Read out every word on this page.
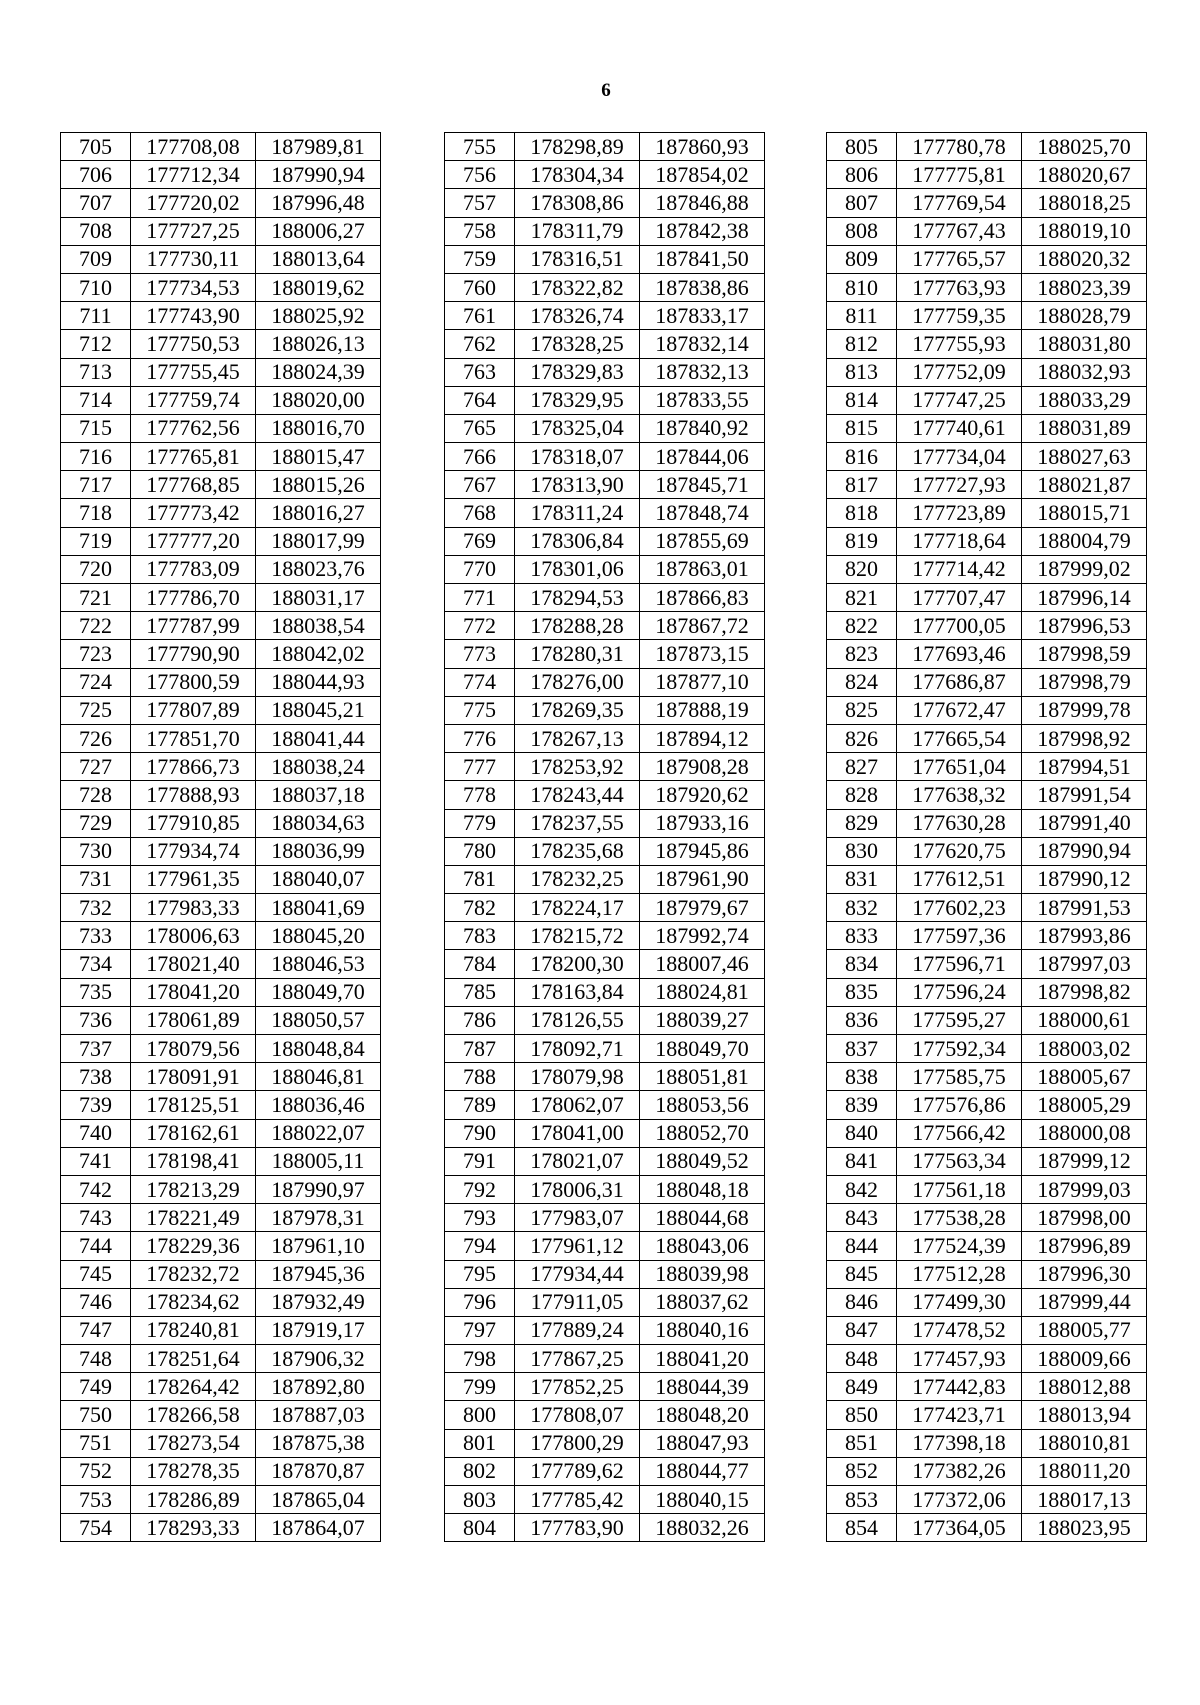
6
705	177708,08	187989,81
706	177712,34	187990,94
707	177720,02	187996,48
708	177727,25	188006,27
709	177730,11	188013,64
710	177734,53	188019,62
711	177743,90	188025,92
712	177750,53	188026,13
713	177755,45	188024,39
714	177759,74	188020,00
715	177762,56	188016,70
716	177765,81	188015,47
717	177768,85	188015,26
718	177773,42	188016,27
719	177777,20	188017,99
720	177783,09	188023,76
721	177786,70	188031,17
722	177787,99	188038,54
723	177790,90	188042,02
724	177800,59	188044,93
725	177807,89	188045,21
726	177851,70	188041,44
727	177866,73	188038,24
728	177888,93	188037,18
729	177910,85	188034,63
730	177934,74	188036,99
731	177961,35	188040,07
732	177983,33	188041,69
733	178006,63	188045,20
734	178021,40	188046,53
735	178041,20	188049,70
736	178061,89	188050,57
737	178079,56	188048,84
738	178091,91	188046,81
739	178125,51	188036,46
740	178162,61	188022,07
741	178198,41	188005,11
742	178213,29	187990,97
743	178221,49	187978,31
744	178229,36	187961,10
745	178232,72	187945,36
746	178234,62	187932,49
747	178240,81	187919,17
748	178251,64	187906,32
749	178264,42	187892,80
750	178266,58	187887,03
751	178273,54	187875,38
752	178278,35	187870,87
753	178286,89	187865,04
754	178293,33	187864,07
755	178298,89	187860,93
756	178304,34	187854,02
757	178308,86	187846,88
758	178311,79	187842,38
759	178316,51	187841,50
760	178322,82	187838,86
761	178326,74	187833,17
762	178328,25	187832,14
763	178329,83	187832,13
764	178329,95	187833,55
765	178325,04	187840,92
766	178318,07	187844,06
767	178313,90	187845,71
768	178311,24	187848,74
769	178306,84	187855,69
770	178301,06	187863,01
771	178294,53	187866,83
772	178288,28	187867,72
773	178280,31	187873,15
774	178276,00	187877,10
775	178269,35	187888,19
776	178267,13	187894,12
777	178253,92	187908,28
778	178243,44	187920,62
779	178237,55	187933,16
780	178235,68	187945,86
781	178232,25	187961,90
782	178224,17	187979,67
783	178215,72	187992,74
784	178200,30	188007,46
785	178163,84	188024,81
786	178126,55	188039,27
787	178092,71	188049,70
788	178079,98	188051,81
789	178062,07	188053,56
790	178041,00	188052,70
791	178021,07	188049,52
792	178006,31	188048,18
793	177983,07	188044,68
794	177961,12	188043,06
795	177934,44	188039,98
796	177911,05	188037,62
797	177889,24	188040,16
798	177867,25	188041,20
799	177852,25	188044,39
800	177808,07	188048,20
801	177800,29	188047,93
802	177789,62	188044,77
803	177785,42	188040,15
804	177783,90	188032,26
805	177780,78	188025,70
806	177775,81	188020,67
807	177769,54	188018,25
808	177767,43	188019,10
809	177765,57	188020,32
810	177763,93	188023,39
811	177759,35	188028,79
812	177755,93	188031,80
813	177752,09	188032,93
814	177747,25	188033,29
815	177740,61	188031,89
816	177734,04	188027,63
817	177727,93	188021,87
818	177723,89	188015,71
819	177718,64	188004,79
820	177714,42	187999,02
821	177707,47	187996,14
822	177700,05	187996,53
823	177693,46	187998,59
824	177686,87	187998,79
825	177672,47	187999,78
826	177665,54	187998,92
827	177651,04	187994,51
828	177638,32	187991,54
829	177630,28	187991,40
830	177620,75	187990,94
831	177612,51	187990,12
832	177602,23	187991,53
833	177597,36	187993,86
834	177596,71	187997,03
835	177596,24	187998,82
836	177595,27	188000,61
837	177592,34	188003,02
838	177585,75	188005,67
839	177576,86	188005,29
840	177566,42	188000,08
841	177563,34	187999,12
842	177561,18	187999,03
843	177538,28	187998,00
844	177524,39	187996,89
845	177512,28	187996,30
846	177499,30	187999,44
847	177478,52	188005,77
848	177457,93	188009,66
849	177442,83	188012,88
850	177423,71	188013,94
851	177398,18	188010,81
852	177382,26	188011,20
853	177372,06	188017,13
854	177364,05	188023,95
